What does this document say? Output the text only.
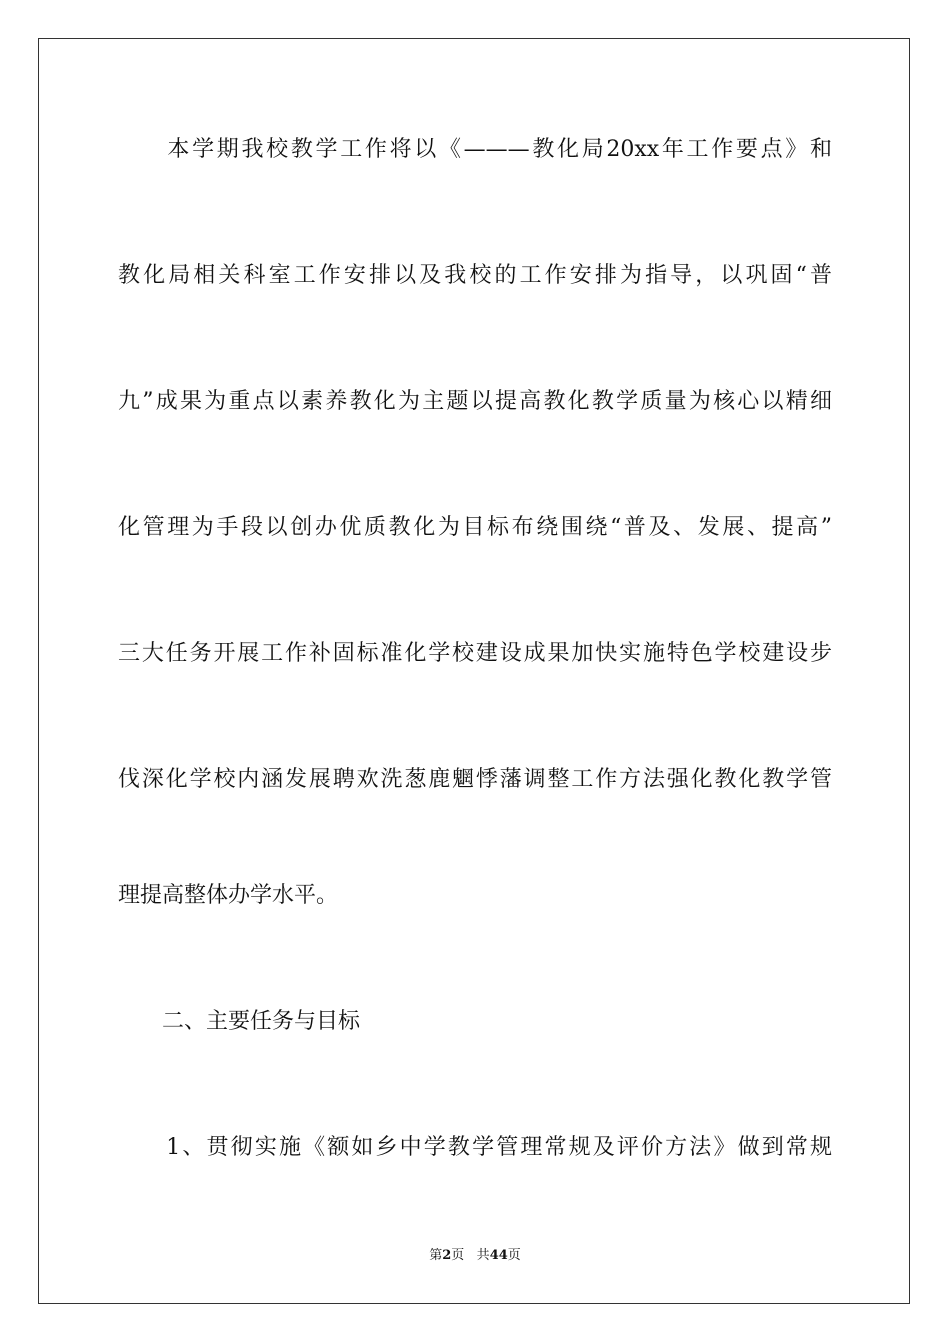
　　本学期我校教学工作将以《———教化局20xx年工作要点》和
教化局相关科室工作安排以及我校的工作安排为指导，以巩固“普
九”成果为重点以素养教化为主题以提高教化教学质量为核心以精细
化管理为手段以创办优质教化为目标布绕围绕“普及、发展、提高”
三大任务开展工作补固标准化学校建设成果加快实施特色学校建设步
伐深化学校内涵发展聘欢洗葱鹿魍悸藩调整工作方法强化教化教学管
理提高整体办学水平。
　　二、主要任务与目标
　　1、贯彻实施《额如乡中学教学管理常规及评价方法》做到常规
第2页 共44页
